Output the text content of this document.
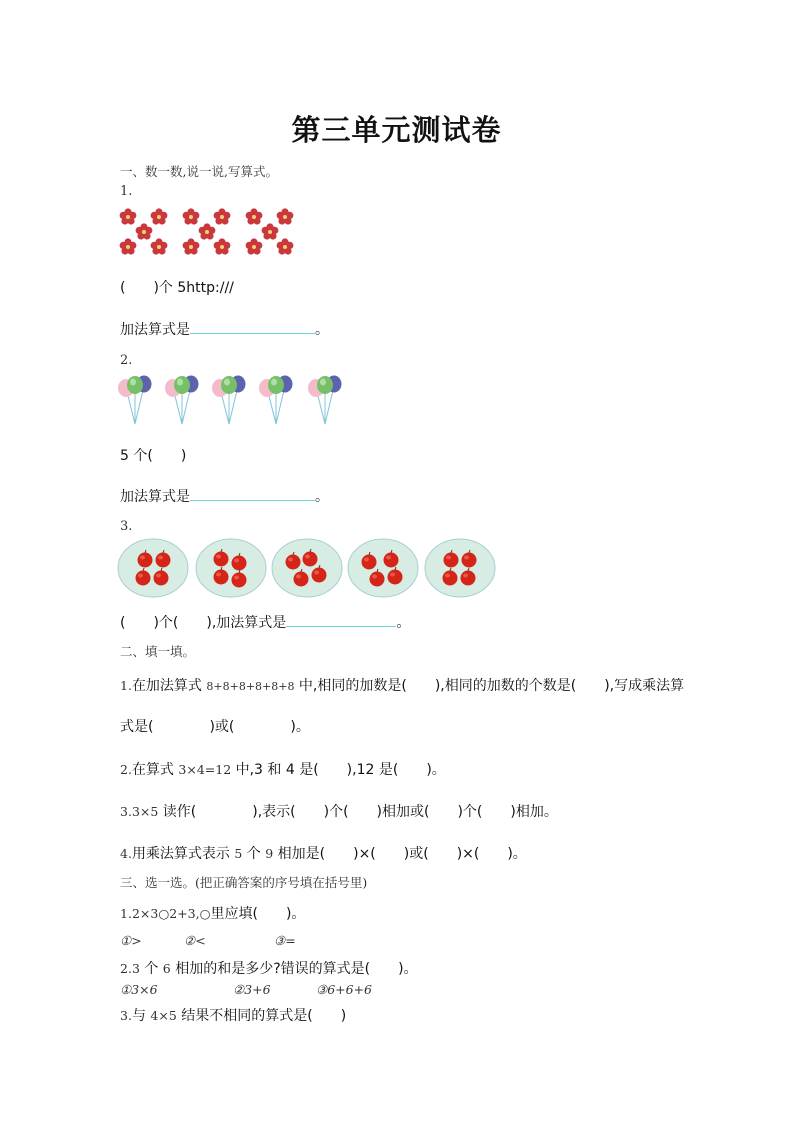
第三单元测试卷
一、数一数,说一说,写算式。
1.
(　　)个 5http:///
加法算式是	。
2.
5 个(　　)
加法算式是	。
3.
(　　)个(　　),加法算式是	。
二、填一填。
1.在加法算式 8+8+8+8+8+8 中,相同的加数是(　　),相同的加数的个数是(　　),写成乘法算
式是(　　　　)或(　　　　)。
2.在算式 3×4=12 中,3 和 4 是(　　),12 是(　　)。
3.3×5 读作(　　　　),表示(　　)个(　　)相加或(　　)个(　　)相加。
4.用乘法算式表示 5 个 9 相加是(　　)×(　　)或(　　)×(　　)。
三、选一选。(把正确答案的序号填在括号里)
1.2×3○2+3,○里应填(　　)。
①>	②<	③=
2.3 个 6 相加的和是多少?错误的算式是(　　)。
①3×6	②3+6	③6+6+6
3.与 4×5 结果不相同的算式是(　　)
